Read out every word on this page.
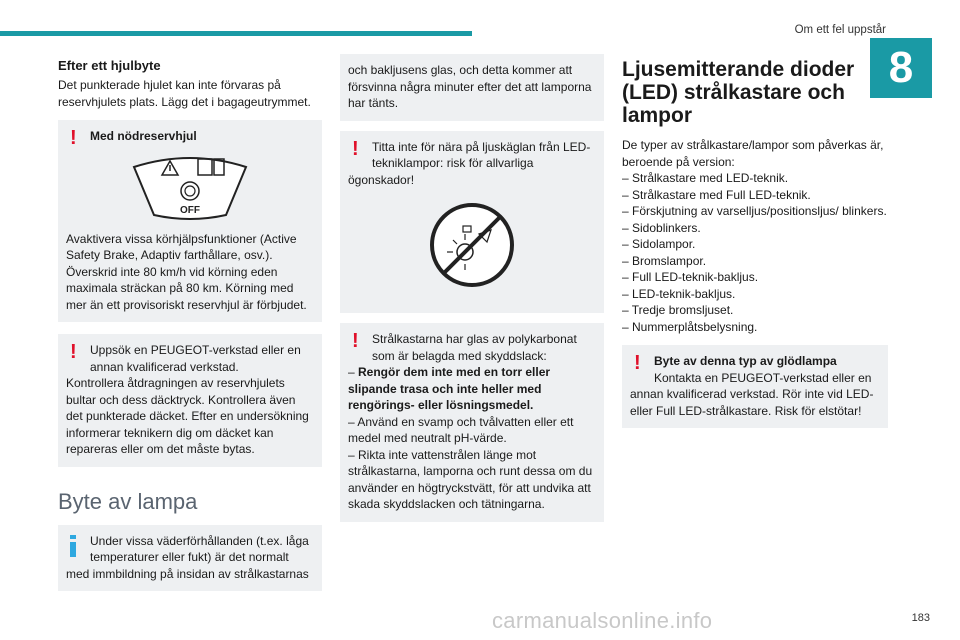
Om ett fel uppstår
8
Efter ett hjulbyte
Det punkterade hjulet kan inte förvaras på reservhjulets plats. Lägg det i bagageutrymmet.
!	Med nödreservhjul
OFF
Avaktivera vissa körhjälpsfunktioner (Active Safety Brake, Adaptiv farthållare, osv.). Överskrid inte 80 km/h vid körning eden maximala sträckan på 80 km. Körning med mer än ett provisoriskt reservhjul är förbjudet.
!	Uppsök en PEUGEOT-verkstad eller en annan kvalificerad verkstad.
Kontrollera åtdragningen av reservhjulets bultar och dess däcktryck. Kontrollera även det punkterade däcket. Efter en undersökning informerar teknikern dig om däcket kan repareras eller om det måste bytas.
Byte av lampa
Under vissa väderförhållanden (t.ex. låga temperaturer eller fukt) är det normalt
med immbildning på insidan av strålkastarnas
och bakljusens glas, och detta kommer att försvinna några minuter efter det att lamporna har tänts.
!	Titta inte för nära på ljuskäglan från LED-tekniklampor: risk för allvarliga
ögonskador!
!	Strålkastarna har glas av polykarbonat som är belagda med skyddslack:
– Rengör dem inte med en torr eller slipande trasa och inte heller med rengörings- eller lösningsmedel.
– Använd en svamp och tvålvatten eller ett medel med neutralt pH-värde.
– Rikta inte vattenstrålen länge mot strålkastarna, lamporna och runt dessa om du använder en högtryckstvätt, för att undvika att skada skyddslacken och tätningarna.
Ljusemitterande dioder (LED) strålkastare och lampor
De typer av strålkastare/lampor som påverkas är, beroende på version:
– Strålkastare med LED-teknik.
– Strålkastare med Full LED-teknik.
– Förskjutning av varselljus/positionsljus/ blinkers.
– Sidoblinkers.
– Sidolampor.
– Bromslampor.
– Full LED-teknik-bakljus.
– LED-teknik-bakljus.
– Tredje bromsljuset.
– Nummerplåtsbelysning.
!	Byte av denna typ av glödlampa
Kontakta en PEUGEOT-verkstad eller en
annan kvalificerad verkstad. Rör inte vid LED- eller Full LED-strålkastare. Risk för elstötar!
carmanualsonline.info	183
